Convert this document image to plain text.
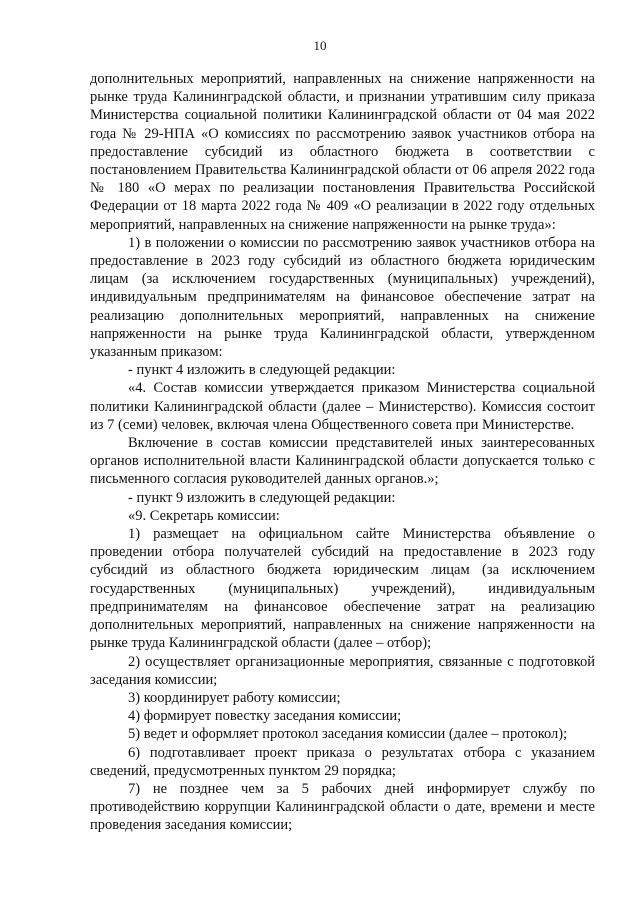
10

дополнительных мероприятий, направленных на снижение напряженности на рынке труда Калининградской области, и признании утратившим силу приказа Министерства социальной политики Калининградской области от 04 мая 2022 года № 29-НПА «О комиссиях по рассмотрению заявок участников отбора на предоставление субсидий из областного бюджета в соответствии с постановлением Правительства Калининградской области от 06 апреля 2022 года № 180 «О мерах по реализации постановления Правительства Российской Федерации от 18 марта 2022 года № 409 «О реализации в 2022 году отдельных мероприятий, направленных на снижение напряженности на рынке труда»:

1) в положении о комиссии по рассмотрению заявок участников отбора на предоставление в 2023 году субсидий из областного бюджета юридическим лицам (за исключением государственных (муниципальных) учреждений), индивидуальным предпринимателям на финансовое обеспечение затрат на реализацию дополнительных мероприятий, направленных на снижение напряженности на рынке труда Калининградской области, утвержденном указанным приказом:

- пункт 4 изложить в следующей редакции:

«4. Состав комиссии утверждается приказом Министерства социальной политики Калининградской области (далее – Министерство). Комиссия состоит из 7 (семи) человек, включая члена Общественного совета при Министерстве.

Включение в состав комиссии представителей иных заинтересованных органов исполнительной власти Калининградской области допускается только с письменного согласия руководителей данных органов.»;

- пункт 9 изложить в следующей редакции:

«9. Секретарь комиссии:

1) размещает на официальном сайте Министерства объявление о проведении отбора получателей субсидий на предоставление в 2023 году субсидий из областного бюджета юридическим лицам (за исключением государственных (муниципальных) учреждений), индивидуальным предпринимателям на финансовое обеспечение затрат на реализацию дополнительных мероприятий, направленных на снижение напряженности на рынке труда Калининградской области (далее – отбор);

2) осуществляет организационные мероприятия, связанные с подготовкой заседания комиссии;

3) координирует работу комиссии;

4) формирует повестку заседания комиссии;

5) ведет и оформляет протокол заседания комиссии (далее – протокол);

6) подготавливает проект приказа о результатах отбора с указанием сведений, предусмотренных пунктом 29 порядка;

7) не позднее чем за 5 рабочих дней информирует службу по противодействию коррупции Калининградской области о дате, времени и месте проведения заседания комиссии;
